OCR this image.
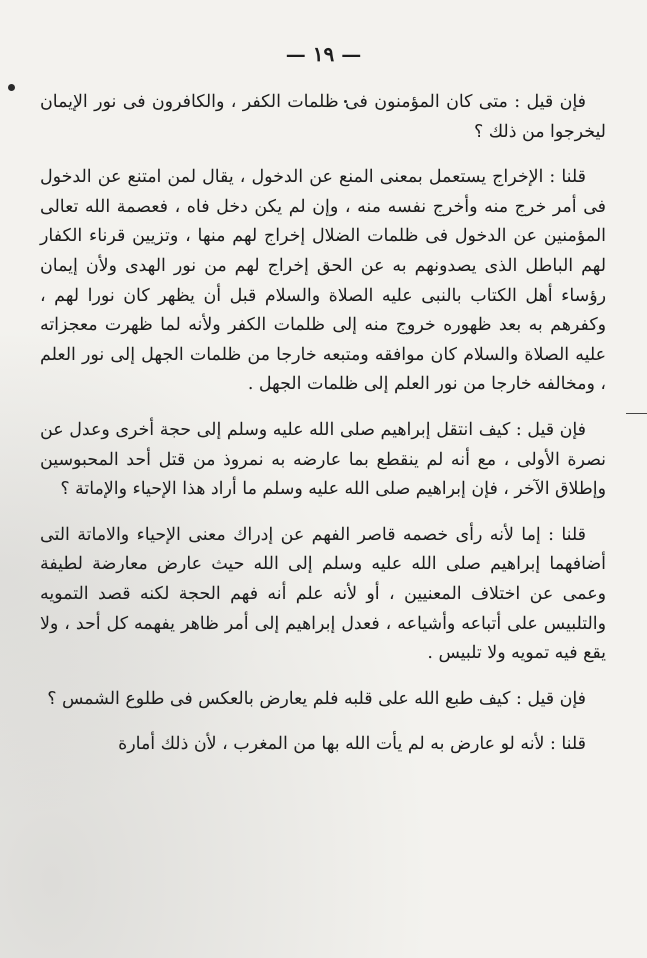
— ١٩ —

فإن قيل : متى كان المؤمنون فى ظلمات الكفر ، والكافرون فى نور الإيمان ليخرجوا من ذلك ؟

قلنا : الإخراج يستعمل بمعنى المنع عن الدخول ، يقال لمن امتنع عن الدخول فى أمر خرج منه وأخرج نفسه منه ، وإن لم يكن دخل فاه ، فعصمة الله تعالى المؤمنين عن الدخول فى ظلمات الضلال إخراج لهم منها ، وتزيين قرناء الكفار لهم الباطل الذى يصدونهم به عن الحق إخراج لهم من نور الهدى ولأن إيمان رؤساء أهل الكتاب بالنبى عليه الصلاة والسلام قبل أن يظهر كان نورا لهم ، وكفرهم به بعد ظهوره خروج منه إلى ظلمات الكفر ولأنه لما ظهرت معجزاته عليه الصلاة والسلام كان موافقه ومتبعه خارجا من ظلمات الجهل إلى نور العلم ، ومخالفه خارجا من نور العلم إلى ظلمات الجهل .

فإن قيل : كيف انتقل إبراهيم صلى الله عليه وسلم إلى حجة أخرى وعدل عن نصرة الأولى ، مع أنه لم ينقطع بما عارضه به نمروذ من قتل أحد المحبوسين وإطلاق الآخر ، فإن إبراهيم صلى الله عليه وسلم ما أراد هذا الإحياء والإماتة ؟

قلنا : إما لأنه رأى خصمه قاصر الفهم عن إدراك معنى الإحياء والاماتة التى أضافهما إبراهيم صلى الله عليه وسلم إلى الله حيث عارض معارضة لطيفة وعمى عن اختلاف المعنيين ، أو لأنه علم أنه فهم الحجة لكنه قصد التمويه والتلبيس على أتباعه وأشياعه ، فعدل إبراهيم إلى أمر ظاهر يفهمه كل أحد ، ولا يقع فيه تمويه ولا تلبيس .

فإن قيل : كيف طبع الله على قلبه فلم يعارض بالعكس فى طلوع الشمس ؟

قلنا : لأنه لو عارض به لم يأت الله بها من المغرب ، لأن ذلك أمارة
